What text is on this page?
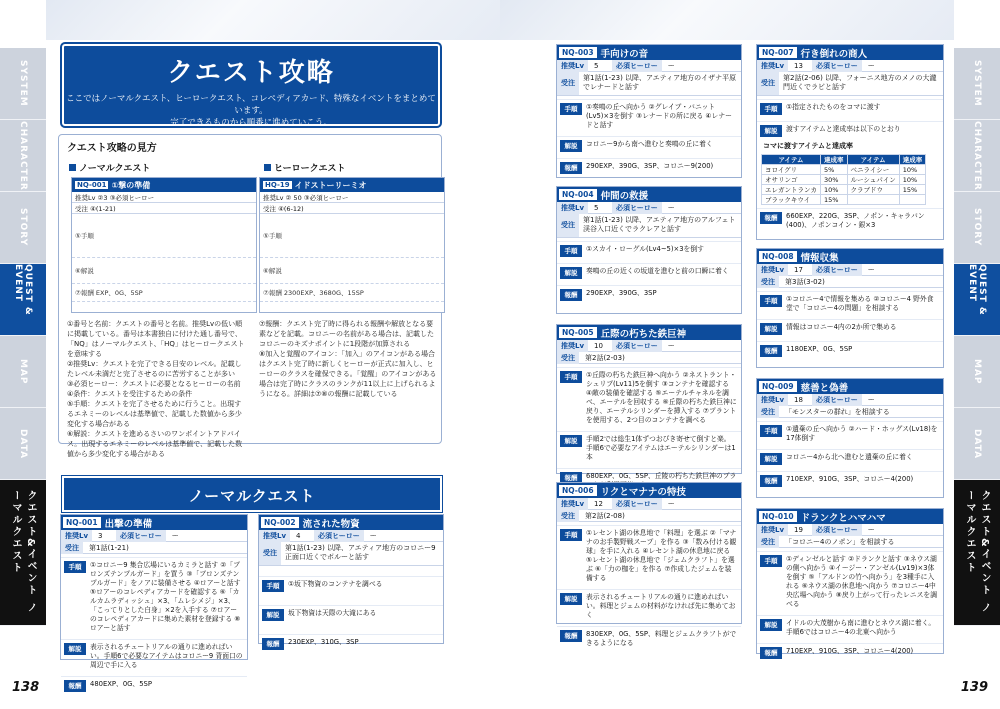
SYSTEM
CHARACTER
STORY
QUEST & EVENT
MAP
DATA
クエスト&イベント ノーマルクエスト
クエスト攻略

ここではノーマルクエスト、ヒーロークエスト、コレペディアカード、特殊なイベントをまとめています。
完了できるものから順番に進めていこう。

クエスト攻略の見方
ノーマルクエスト	ヒーロークエスト
NQ-001 ①撃の準備
推奨Lv ②3 ③必須ヒーロー
受注 ④(1-21)
⑤手順
⑥解説
⑦報酬 EXP、0G、5SP
HQ-19 イドストーリーミオ
推奨Lv ② 50 ③必須ヒーロー
受注 ④(6-12)
⑤手順
⑥解説
⑦報酬 2300EXP、3680G、15SP
①番号と名前：クエストの番号と名前。推奨Lvの低い順に掲載している。番号は本書独自に付けた通し番号で、「NQ」はノーマルクエスト、「HQ」はヒーロークエストを意味する
②推奨Lv：クエストを完了できる目安のレベル。記載したレベル未満だと完了させるのに苦労することが多い
③必須ヒーロー：クエストに必要となるヒーローの名前
④条件：クエストを受注するための条件
⑤手順：クエストを完了させるために行うこと。出現するエネミーのレベルは基準値で、記載した数値から多少変化する場合がある
⑥解説：クエストを進めるさいのワンポイントアドバイス。出現するエネミーのレベルは基準値で、記載した数値から多少変化する場合がある
⑦報酬：クエスト完了時に得られる報酬や解放となる要素などを記載。コロニーの名前がある場合は、記載したコロニーのキズナポイントに1段階が加算される
⑧加入と覚醒のアイコン：「加入」のアイコンがある場合はクエスト完了時に新しくヒーローが正式に加入し、ヒーローのクラスを確保できる。「覚醒」のアイコンがある場合は完了時にクラスのランクが11以上に上げられるようになる。詳細は⑦⑧の報酬に記載している
ノーマルクエスト
NQ-001 出撃の準備
推奨Lv	3	必須ヒーロー	ー
受注	第1話(1-21)
手順	①コロニー9 集合広場にいるカミラと話す ②「ブロンズテンプルガード」を買う ③「ブロンズテンプルガード」をノアに装備させる ④ロアーと話す ⑤ロアーのコレペディアカードを確認する ⑥「カルカムラディッシュ」×3、「ムレシメジ」×3、「こってりとした白身」×2を入手する ⑦ロアーのコレペディアカードに集めた素材を登録する ⑧ロアーと話す
解説	表示されるチュートリアルの通りに進めればいい。手順6で必要なアイテムはコロニー9 背面口の周辺で手に入る
報酬	480EXP、0G、5SP
NQ-002 流された物資
推奨Lv	4	必須ヒーロー	ー
受注
第1話(1-23) 以降、アエティア地方のコロニー9 正面口近くでボルーと話す
手順	①坂下物資のコンテナを調べる
解説	坂下物資は天際の大滝にある
報酬	230EXP、310G、3SP
138
SYSTEM
CHARACTER
STORY
QUEST & EVENT
MAP
DATA
クエスト&イベント ノーマルクエスト
NQ-003 手向けの音
推奨Lv	5	必須ヒーロー	ー
受注
第1話(1-23) 以降、アエティア地方のイザナ平原でレナードと話す
手順	①奏鳴の丘へ向かう ②グレイブ・バニット(Lv5)×3を倒す ③レナードの所に戻る ④レナードと話す
解説	コロニー9から南へ進むと奏鳴の丘に着く
報酬	290EXP、390G、3SP、コロニー9(200)
NQ-004 仲間の救援
推奨Lv	5	必須ヒーロー	ー
受注
第1話(1-23) 以降、アエティア地方のアルフェト渓谷入口近くでラクレアと話す
手順	①スカイ・ローグル(Lv4~5)×3を倒す
解説	奏鳴の丘の近くの坂道を進むと前の口瞬に着く
報酬	290EXP、390G、3SP
NQ-005 丘際の朽ちた鉄巨神
推奨Lv	10	必須ヒーロー	ー
受注	第2話(2-03)
手順	①丘際の朽ちた鉄巨神へ向かう ②ネストラント・シュリプ(Lv11)5を倒す ③コンテナを確認する ④敵の装備を確認する ⑤エーテルチャネルを調べ、エーテルを回収する ⑥丘際の朽ちた鉄巨神に戻り、エーテルシリンダーを挿入する ⑦プラントを使用する、2つ目のコンテナを調べる
解説	手順2では総生1体ずつおびき寄せて倒すと楽。手順6で必要なアイテムはエーテルシリンダーは1本
報酬	680EXP、0G、5SP、丘陵の朽ちた鉄巨神のプラ
NQ-006 リクとマナナの特技
推奨Lv	12	必須ヒーロー	ー
受注	第2話(2-08)
手順	①レセント湖の休息地で「料理」を選ぶ ②「マナナのお手製野戦スープ」を作る ③「数み付ける観球」を手に入れる ④レセント湖の休息地に戻る ⑤レセント湖の休息地で「ジェムクラフト」を選ぶ ⑥「力の枷を」を作る ⑦作成したジェムを装備する
解説	表示されるチュートリアルの通りに進めればいい。料理とジェムの材料がなければ先に集めておく
報酬	830EXP、0G、5SP、料理とジェムクラフトができるようになる
NQ-007 行き倒れの商人
推奨Lv	13	必須ヒーロー	ー
受注
第2話(2-06) 以降、フォーニス地方のメノの大瀧門近くでラビと話す
手順	①指定されたものをコマに渡す
解説	渡すアイテムと達成率は以下のとおり
コマに渡すアイテムと達成率
アイテム	達成率	アイテム	達成率
ヨロイグリ	5%	ベニライシー	10%
オサリンゴ	30%	ルーシュパイン	10%
エレガントランカ	10%	クラブドウ	15%
ブラックキウイ	15%		
報酬	660EXP、220G、3SP、ノポン・キャラバン(400)、ノポンコイン・銀×3
NQ-008 情報収集
推奨Lv	17	必須ヒーロー	ー
受注	第3話(3-02)
手順	①コロニー4で情報を集める ②コロニー4 野外食堂で「コロニー4の問題」を相談する
解説	情報はコロニー4内の2か所で集める
報酬	1180EXP、0G、5SP
NQ-009 慈善と偽善
推奨Lv	18	必須ヒーロー	ー
受注	「モンスターの群れ」を相談する
手順	①遺棄の丘へ向かう ②ハード・ホッグス(Lv18)を17体倒す
解説	コロニー4から北へ進むと遺棄の丘に着く
報酬	710EXP、910G、3SP、コロニー4(200)
NQ-010 ドランクとハマハマ
推奨Lv	19	必須ヒーロー	ー
受注	「コロニー4のノポン」を相談する
手順	①ディンゼルと話す ②ドランクと話す ③ネウス湖の側へ向かう ④イージー・アンゼル(Lv19)×3体を倒す ⑤「アルドンの竹へ向かう」を3種手に入れる ⑥ネウス湖の休息地へ向かう ⑦コロニー4中央広場へ向かう ⑧戻り上がって行ったレニスを調べる
解説	イドルの大茂樹から南に進むとネウス湖に着く。手順6ではコロニー4の北東へ向かう
報酬	710EXP、910G、3SP、コロニー4(200)
139
